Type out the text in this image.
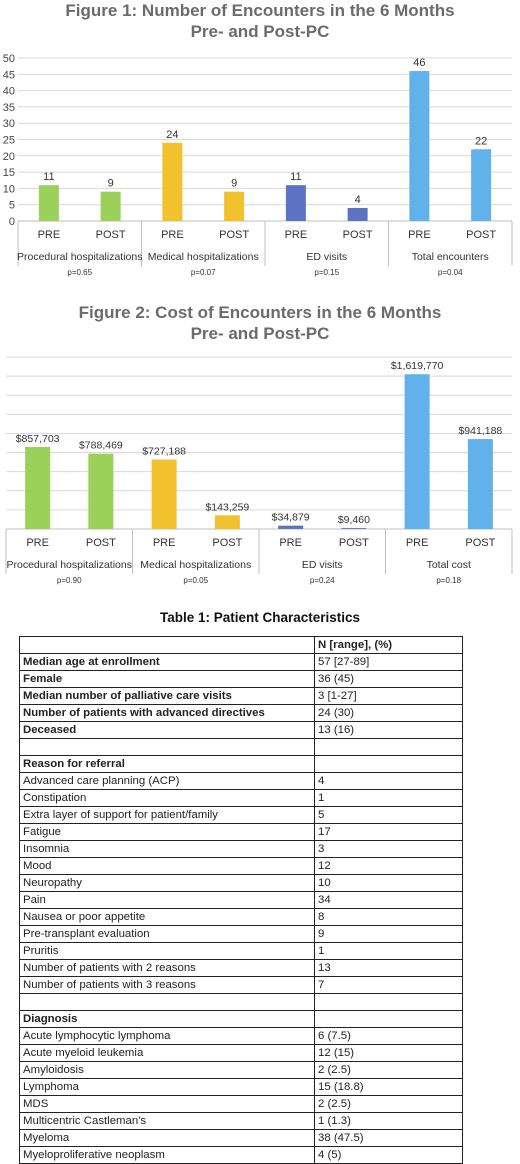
Figure 1: Number of Encounters in the 6 Months
Pre- and Post-PC
0
5
10
15
20
25
30
35
40
45
50
11
PRE
9
POST
24
PRE
9
POST
11
PRE
4
POST
46
PRE
22
POST
Procedural hospitalizations
p=0.65
Medical hospitalizations
p=0.07
ED visits
p=0.15
Total encounters
p=0.04
Figure 2: Cost of Encounters in the 6 Months
Pre- and Post-PC
$857,703
PRE
$788,469
POST
$727,188
PRE
$143,259
POST
$34,879
PRE
$9,460
POST
$1,619,770
PRE
$941,188
POST
Procedural hospitalizations
p=0.90
Medical hospitalizations
p=0.05
ED visits
p=0.24
Total cost
p=0.18
Table 1: Patient Characteristics
	N [range], (%)
Median age at enrollment	57 [27-89]
Female	36 (45)
Median number of palliative care visits	3 [1-27]
Number of patients with advanced directives	24 (30)
Deceased	13 (16)

Reason for referral	
Advanced care planning (ACP)	4
Constipation	1
Extra layer of support for patient/family	5
Fatigue	17
Insomnia	3
Mood	12
Neuropathy	10
Pain	34
Nausea or poor appetite	8
Pre-transplant evaluation	9
Pruritis	1
Number of patients with 2 reasons	13
Number of patients with 3 reasons	7

Diagnosis	
Acute lymphocytic lymphoma	6 (7.5)
Acute myeloid leukemia	12 (15)
Amyloidosis	2 (2.5)
Lymphoma	15 (18.8)
MDS	2 (2.5)
Multicentric Castleman's	1 (1.3)
Myeloma	38 (47.5)
Myeloproliferative neoplasm	4 (5)
